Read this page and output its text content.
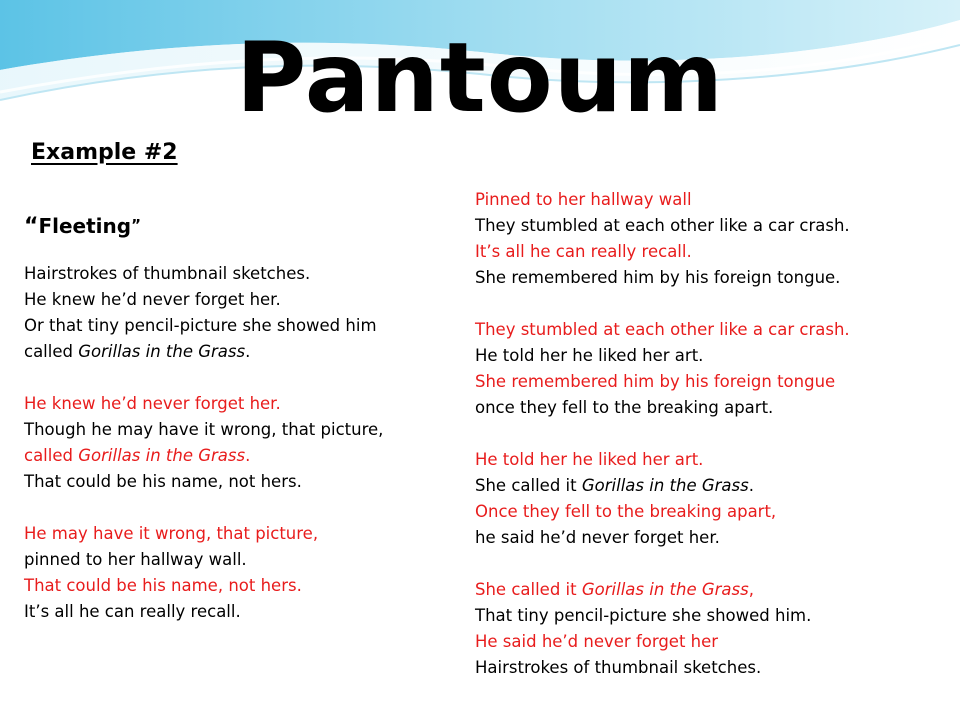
Pantoum
Example #2
“Fleeting”
Hairstrokes of thumbnail sketches.
He knew he’d never forget her.
Or that tiny pencil-picture she showed him
called Gorillas in the Grass.
He knew he’d never forget her.
Though he may have it wrong, that picture,
called Gorillas in the Grass.
That could be his name, not hers.
He may have it wrong, that picture,
pinned to her hallway wall.
That could be his name, not hers.
It’s all he can really recall.
Pinned to her hallway wall
They stumbled at each other like a car crash.
It’s all he can really recall.
She remembered him by his foreign tongue.
They stumbled at each other like a car crash.
He told her he liked her art.
She remembered him by his foreign tongue
once they fell to the breaking apart.
He told her he liked her art.
She called it Gorillas in the Grass.
Once they fell to the breaking apart,
he said he’d never forget her.
She called it Gorillas in the Grass,
That tiny pencil-picture she showed him.
He said he’d never forget her
Hairstrokes of thumbnail sketches.
